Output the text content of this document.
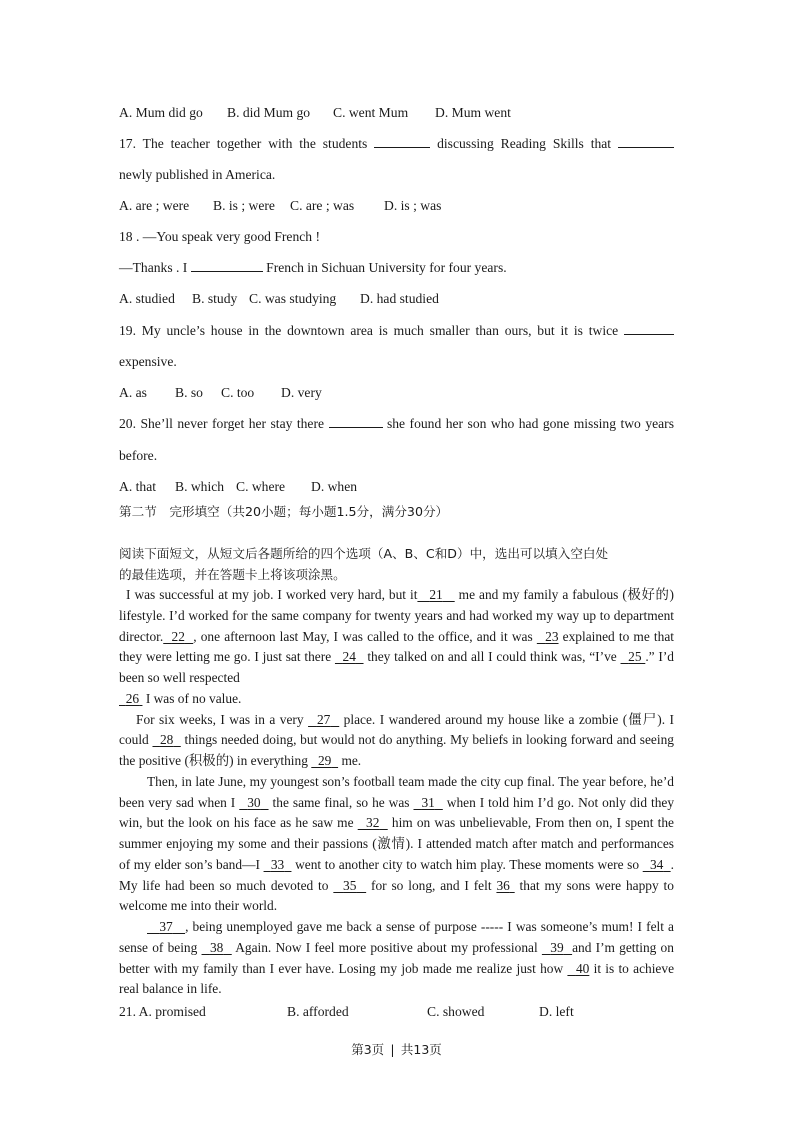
A. Mum did go B. did Mum go C. went Mum D. Mum went
17. The teacher together with the students	discussing Reading Skills that
newly published in America.
A. are ; were B. is ; were C. are ; was D. is ; was
18 . —You speak very good French !
—Thanks . I	French in Sichuan University for four years.
A. studied B. study C. was studying D. had studied
19. My uncle’s house in the downtown area is much smaller than ours, but it is twice
expensive.
A. as B. so C. too D. very
20. She’ll never forget her stay there	she found her son who had gone missing two years
before.
A. that B. which C. where D. when
第二节　完形填空（共20小题；每小题1.5分，满分30分）
阅读下面短文，从短文后各题所给的四个选项（A、B、C和D）中，选出可以填入空白处
的最佳选项，并在答题卡上将该项涂黑。

I was successful at my job. I worked very hard, but it 21 me and my family a fabulous (极好的) lifestyle. I’d worked for the same company for twenty years and had worked my way up to department director. 22 , one afternoon last May, I was called to the office, and it was 23 explained to me that they were letting me go. I just sat there 24 they talked on and all I could think was, “I’ve 25 .” I’d been so well respected
26 I was of no value.

For six weeks, I was in a very 27 place. I wandered around my house like a zombie (僵尸). I could 28 things needed doing, but would not do anything. My beliefs in looking forward and seeing the positive (积极的) in everything 29 me.

Then, in late June, my youngest son’s football team made the city cup final. The year before, he’d been very sad when I 30 the same final, so he was 31 when I told him I’d go. Not only did they win, but the look on his face as he saw me 32 him on was unbelievable, From then on, I spent the summer enjoying my some and their passions (激情). I attended match after match and performances of my elder son’s band—I 33 went to another city to watch him play. These moments were so 34 . My life had been so much devoted to 35 for so long, and I felt 36 that my sons were happy to welcome me into their world.

37 , being unemployed gave me back a sense of purpose ----- I was someone’s mum! I felt a sense of being 38 Again. Now I feel more positive about my professional 39 and I’m getting on better with my family than I ever have. Losing my job made me realize just how 40 it is to achieve real balance in life.

21. A. promised	B. afforded	C. showed	D. left
第3页 | 共13页
